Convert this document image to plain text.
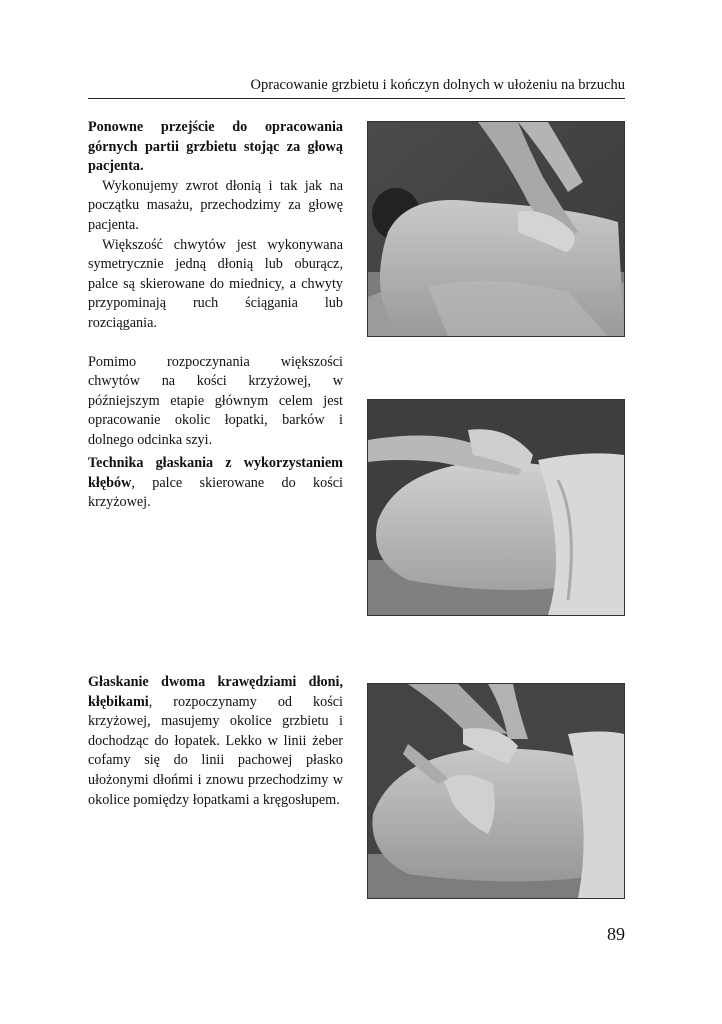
Opracowanie grzbietu i kończyn dolnych w ułożeniu na brzuchu

Ponowne przejście do opracowania górnych partii grzbietu stojąc za głową pacjenta.

Wykonujemy zwrot dłonią i tak jak na początku masażu, przechodzimy za głowę pacjenta.

Większość chwytów jest wykonywana symetrycznie jedną dłonią lub oburącz, palce są skierowane do miednicy, a chwyty przypominają ruch ściągania lub rozciągania.

Pomimo rozpoczynania większości chwytów na kości krzyżowej, w późniejszym etapie głównym celem jest opracowanie okolic łopatki, barków i dolnego odcinka szyi.

Technika głaskania z wykorzystaniem kłębów, palce skierowane do kości krzyżowej.

Głaskanie dwoma krawędziami dłoni, kłębikami, rozpoczynamy od kości krzyżowej, masujemy okolice grzbietu i dochodząc do łopatek. Lekko w linii żeber cofamy się do linii pachowej płasko ułożonymi dłońmi i znowu przechodzimy w okolice pomiędzy łopatkami a kręgosłupem.

89
